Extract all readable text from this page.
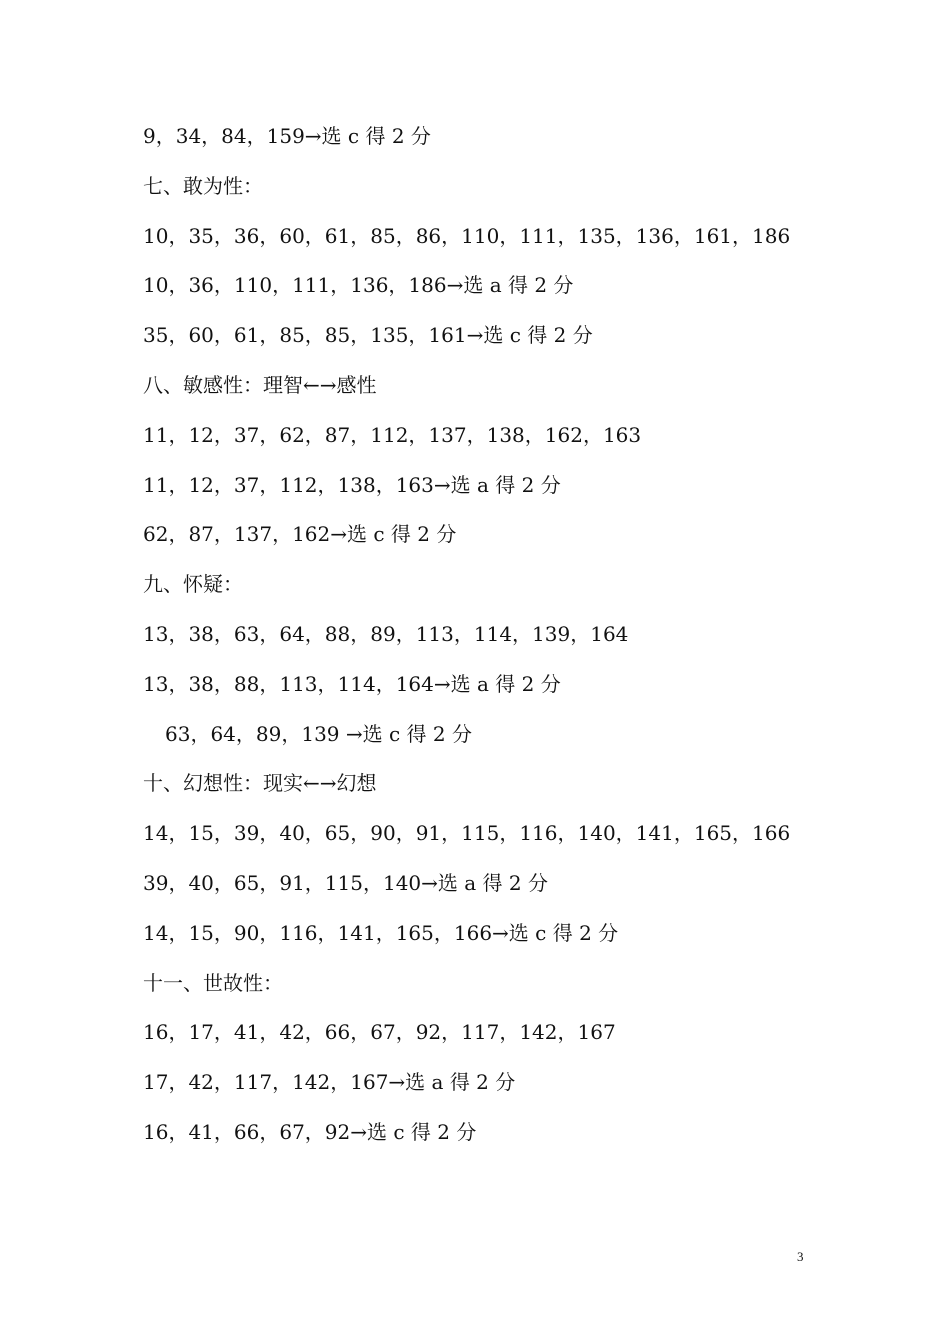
9，34，84，159→选 c 得 2 分
七、敢为性：
10，35，36，60，61，85，86，110，111，135，136，161，186
10，36，110，111，136，186→选 a 得 2 分
35，60，61，85，85，135，161→选 c 得 2 分
八、敏感性：理智←→感性
11，12，37，62，87，112，137，138，162，163
11，12，37，112，138，163→选 a 得 2 分
62，87，137，162→选 c 得 2 分
九、怀疑：
13，38，63，64，88，89，113，114，139，164
13，38，88，113，114，164→选 a 得 2 分
63，64，89，139 →选 c 得 2 分
十、幻想性：现实←→幻想
14，15，39，40，65，90，91，115，116，140，141，165，166
39，40，65，91，115，140→选 a 得 2 分
14，15，90，116，141，165，166→选 c 得 2 分
十一、世故性：
16，17，41，42，66，67，92，117，142，167
17，42，117，142，167→选 a 得 2 分
16，41，66，67，92→选 c 得 2 分
3
